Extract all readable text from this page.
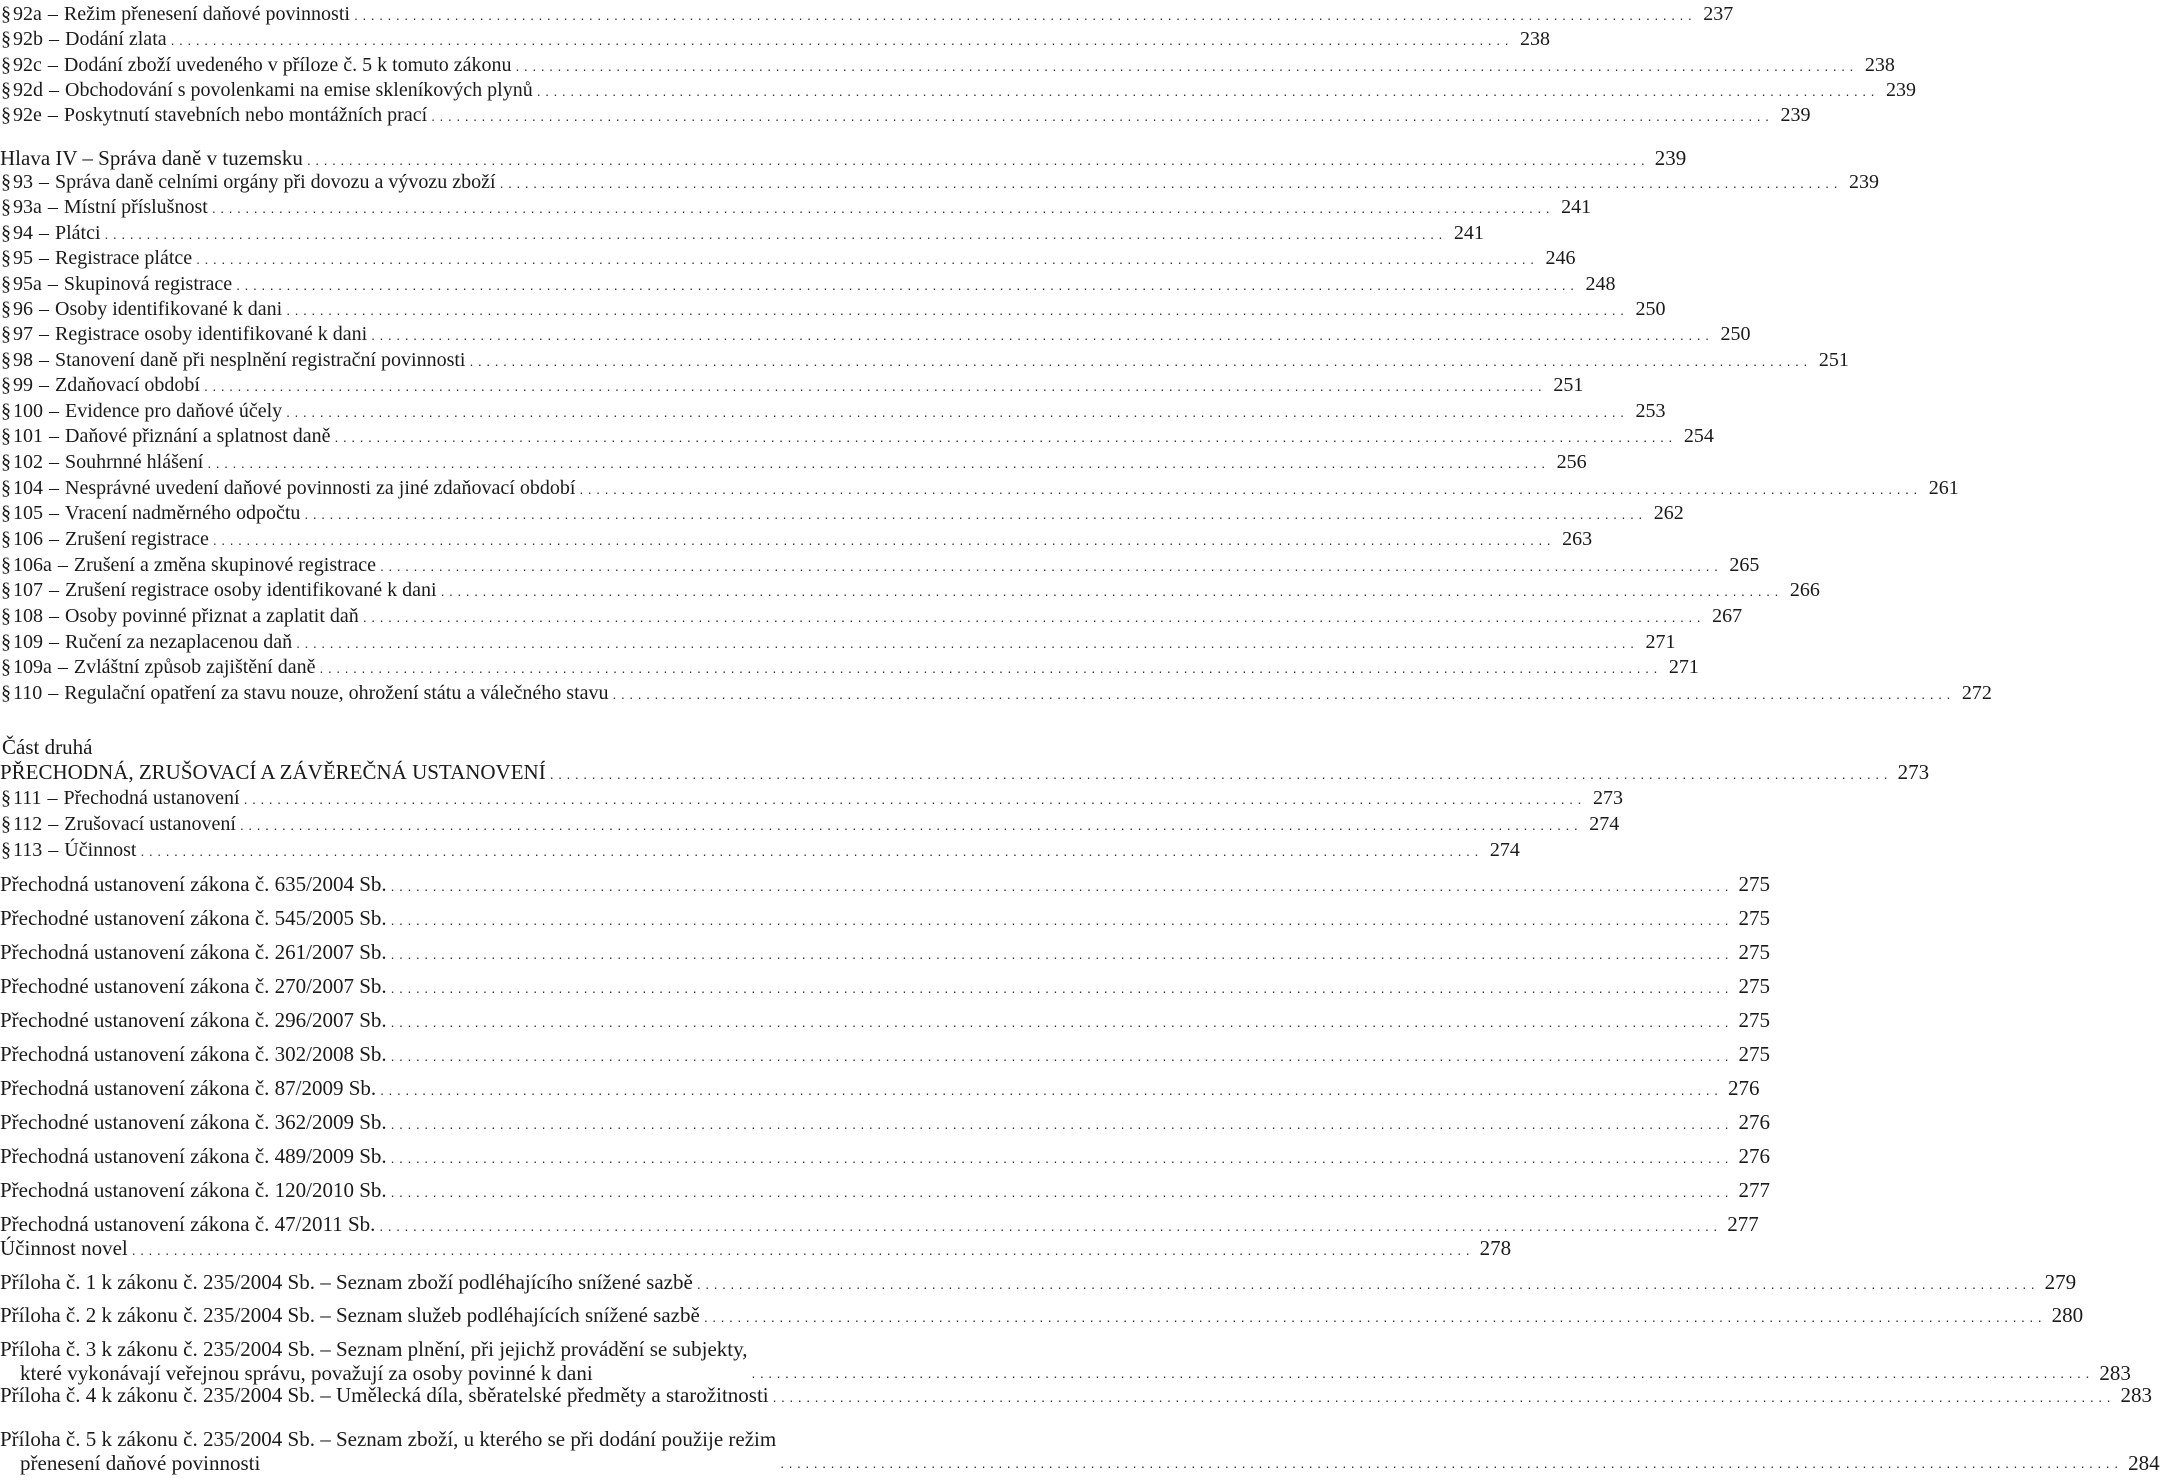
§ 92a – Režim přenesení daňové povinnosti ................................................................................................................................................................ 237
§ 92b – Dodání zlata ................................................................................................................................................................ 238
§ 92c – Dodání zboží uvedeného v příloze č. 5 k tomuto zákonu ................................................................................................................................................................ 238
§ 92d – Obchodování s povolenkami na emise skleníkových plynů ................................................................................................................................................................ 239
§ 92e – Poskytnutí stavebních nebo montážních prací ................................................................................................................................................................ 239
Hlava IV – Správa daně v tuzemsku ................................................................................................................................................................ 239
§ 93 – Správa daně celními orgány při dovozu a vývozu zboží ................................................................................................................................................................ 239
§ 93a – Místní příslušnost ................................................................................................................................................................ 241
§ 94 – Plátci ................................................................................................................................................................ 241
§ 95 – Registrace plátce ................................................................................................................................................................ 246
§ 95a – Skupinová registrace ................................................................................................................................................................ 248
§ 96 – Osoby identifikované k dani ................................................................................................................................................................ 250
§ 97 – Registrace osoby identifikované k dani ................................................................................................................................................................ 250
§ 98 – Stanovení daně při nesplnění registrační povinnosti ................................................................................................................................................................ 251
§ 99 – Zdaňovací období ................................................................................................................................................................ 251
§ 100 – Evidence pro daňové účely ................................................................................................................................................................ 253
§ 101 – Daňové přiznání a splatnost daně ................................................................................................................................................................ 254
§ 102 – Souhrnné hlášení ................................................................................................................................................................ 256
§ 104 – Nesprávné uvedení daňové povinnosti za jiné zdaňovací období ................................................................................................................................................................ 261
§ 105 – Vracení nadměrného odpočtu ................................................................................................................................................................ 262
§ 106 – Zrušení registrace ................................................................................................................................................................ 263
§ 106a – Zrušení a změna skupinové registrace ................................................................................................................................................................ 265
§ 107 – Zrušení registrace osoby identifikované k dani ................................................................................................................................................................ 266
§ 108 – Osoby povinné přiznat a zaplatit daň ................................................................................................................................................................ 267
§ 109 – Ručení za nezaplacenou daň ................................................................................................................................................................ 271
§ 109a – Zvláštní způsob zajištění daně ................................................................................................................................................................ 271
§ 110 – Regulační opatření za stavu nouze, ohrožení státu a válečného stavu ................................................................................................................................................................ 272
Část druhá
PŘECHODNÁ, ZRUŠOVACÍ A ZÁVĚREČNÁ USTANOVENÍ ................................................................................................................................................................ 273
§ 111 – Přechodná ustanovení ................................................................................................................................................................ 273
§ 112 – Zrušovací ustanovení ................................................................................................................................................................ 274
§ 113 – Účinnost ................................................................................................................................................................ 274
Přechodná ustanovení zákona č. 635/2004 Sb. ................................................................................................................................................................ 275
Přechodné ustanovení zákona č. 545/2005 Sb. ................................................................................................................................................................ 275
Přechodná ustanovení zákona č. 261/2007 Sb. ................................................................................................................................................................ 275
Přechodné ustanovení zákona č. 270/2007 Sb. ................................................................................................................................................................ 275
Přechodné ustanovení zákona č. 296/2007 Sb. ................................................................................................................................................................ 275
Přechodná ustanovení zákona č. 302/2008 Sb. ................................................................................................................................................................ 275
Přechodná ustanovení zákona č. 87/2009 Sb. ................................................................................................................................................................ 276
Přechodné ustanovení zákona č. 362/2009 Sb. ................................................................................................................................................................ 276
Přechodná ustanovení zákona č. 489/2009 Sb. ................................................................................................................................................................ 276
Přechodná ustanovení zákona č. 120/2010 Sb. ................................................................................................................................................................ 277
Přechodná ustanovení zákona č. 47/2011 Sb. ................................................................................................................................................................ 277
Účinnost novel ................................................................................................................................................................ 278
Příloha č. 1 k zákonu č. 235/2004 Sb. – Seznam zboží podléhajícího snížené sazbě ................................................................................................................................................................ 279
Příloha č. 2 k zákonu č. 235/2004 Sb. – Seznam služeb podléhajících snížené sazbě ................................................................................................................................................................ 280
Příloha č. 3 k zákonu č. 235/2004 Sb. – Seznam plnění, při jejichž provádění se subjekty,
které vykonávají veřejnou správu, považují za osoby povinné k dani	................................................................................................................................................................ 283
Příloha č. 4 k zákonu č. 235/2004 Sb. – Umělecká díla, sběratelské předměty a starožitnosti ................................................................................................................................................................ 283
Příloha č. 5 k zákonu č. 235/2004 Sb. – Seznam zboží, u kterého se při dodání použije režim
přenesení daňové povinnosti	................................................................................................................................................................ 284
